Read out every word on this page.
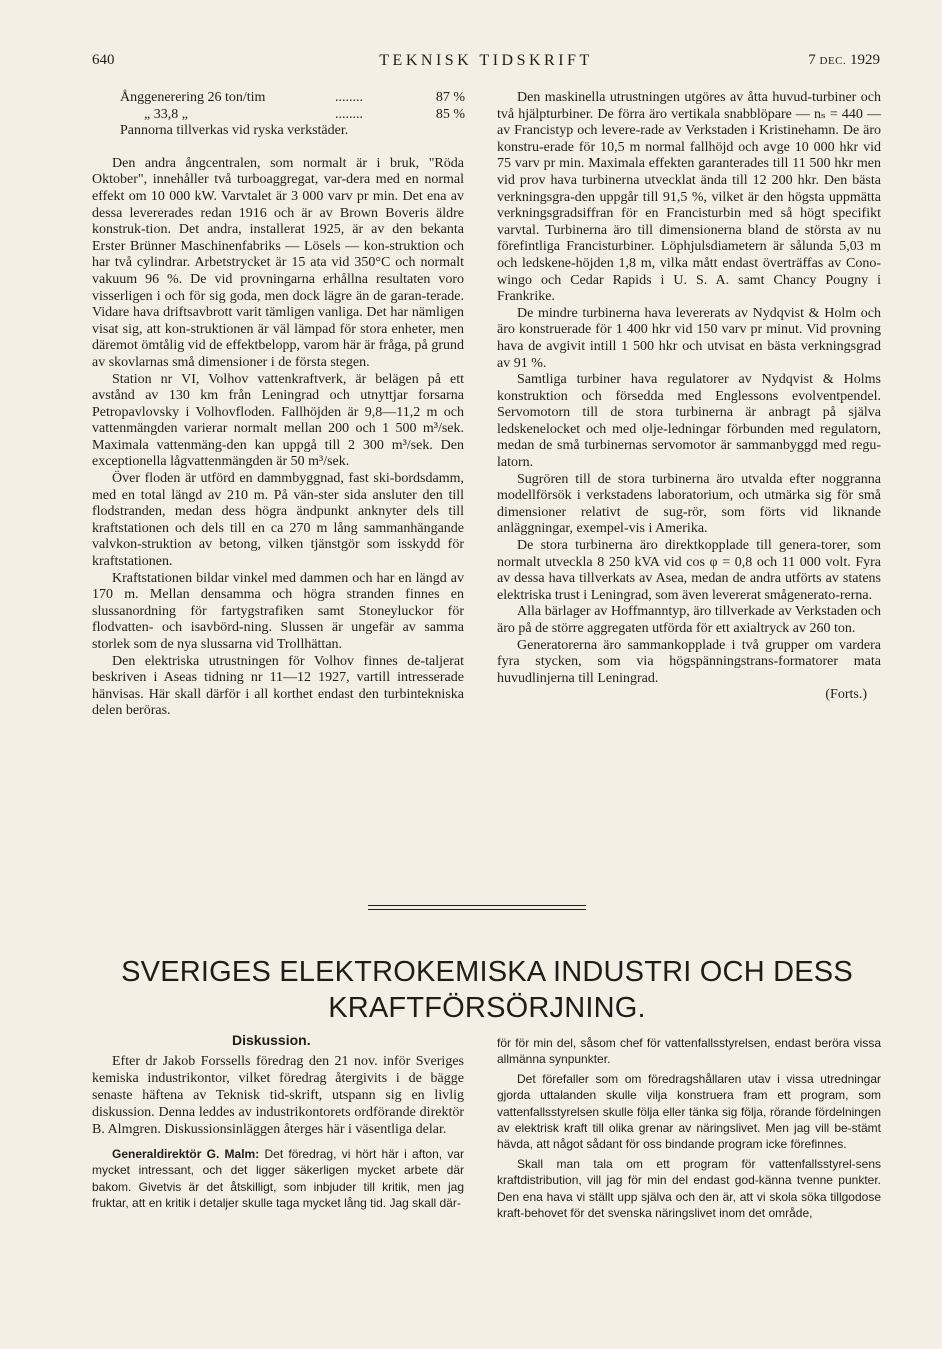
640	TEKNISK TIDSKRIFT	7 DEC. 1929
Ånggenerering 26 ton/tim	........	87 %
„ 33,8 „	........	85 %

Pannorna tillverkas vid ryska verkstäder.

Den andra ångcentralen, som normalt är i bruk, "Röda Oktober", innehåller två turboaggregat, var-dera med en normal effekt om 10 000 kW. Varvtalet är 3 000 varv pr min. Det ena av dessa levererades redan 1916 och är av Brown Boveris äldre konstruk-tion. Det andra, installerat 1925, är av den bekanta Erster Brünner Maschinenfabriks — Lösels — kon-struktion och har två cylindrar. Arbetstrycket är 15 ata vid 350°C och normalt vakuum 96 %. De vid provningarna erhållna resultaten voro visserligen i och för sig goda, men dock lägre än de garan-terade. Vidare hava driftsavbrott varit tämligen vanliga. Det har nämligen visat sig, att kon-struktionen är väl lämpad för stora enheter, men däremot ömtålig vid de effektbelopp, varom här är fråga, på grund av skovlarnas små dimensioner i de första stegen.

Station nr VI, Volhov vattenkraftverk, är belägen på ett avstånd av 130 km från Leningrad och utnyttjar forsarna Petropavlovsky i Volhovfloden. Fallhöjden är 9,8—11,2 m och vattenmängden varierar normalt mellan 200 och 1 500 m³/sek. Maximala vattenmäng-den kan uppgå till 2 300 m³/sek. Den exceptionella lågvattenmängden är 50 m³/sek.

Över floden är utförd en dammbyggnad, fast ski-bordsdamm, med en total längd av 210 m. På vän-ster sida ansluter den till flodstranden, medan dess högra ändpunkt anknyter dels till kraftstationen och dels till en ca 270 m lång sammanhängande valvkon-struktion av betong, vilken tjänstgör som isskydd för kraftstationen.

Kraftstationen bildar vinkel med dammen och har en längd av 170 m. Mellan densamma och högra stranden finnes en slussanordning för fartygstrafiken samt Stoneyluckor för flodvatten- och isavbörd-ning. Slussen är ungefär av samma storlek som de nya slussarna vid Trollhättan.

Den elektriska utrustningen för Volhov finnes de-taljerat beskriven i Aseas tidning nr 11—12 1927, vartill intresserade hänvisas. Här skall därför i all korthet endast den turbintekniska delen beröras.

Den maskinella utrustningen utgöres av åtta huvud-turbiner och två hjälpturbiner. De förra äro vertikala snabblöpare — nₛ = 440 — av Francistyp och levere-rade av Verkstaden i Kristinehamn. De äro konstru-erade för 10,5 m normal fallhöjd och avge 10 000 hkr vid 75 varv pr min. Maximala effekten garanterades till 11 500 hkr men vid prov hava turbinerna utvecklat ända till 12 200 hkr. Den bästa verkningsgra-den uppgår till 91,5 %, vilket är den högsta uppmätta verkningsgradsiffran för en Francisturbin med så högt specifikt varvtal. Turbinerna äro till dimensionerna bland de största av nu förefintliga Francisturbiner. Löphjulsdiametern är sålunda 5,03 m och ledskene-höjden 1,8 m, vilka mått endast överträffas av Cono-wingo och Cedar Rapids i U. S. A. samt Chancy Pougny i Frankrike.

De mindre turbinerna hava levererats av Nydqvist & Holm och äro konstruerade för 1 400 hkr vid 150 varv pr minut. Vid provning hava de avgivit intill 1 500 hkr och utvisat en bästa verkningsgrad av 91 %.

Samtliga turbiner hava regulatorer av Nydqvist & Holms konstruktion och försedda med Englessons evolventpendel. Servomotorn till de stora turbinerna är anbragt på själva ledskenelocket och med olje-ledningar förbunden med regulatorn, medan de små turbinernas servomotor är sammanbyggd med regu-latorn.

Sugrören till de stora turbinerna äro utvalda efter noggranna modellförsök i verkstadens laboratorium, och utmärka sig för små dimensioner relativt de sug-rör, som förts vid liknande anläggningar, exempel-vis i Amerika.

De stora turbinerna äro direktkopplade till genera-torer, som normalt utveckla 8 250 kVA vid cos φ = 0,8 och 11 000 volt. Fyra av dessa hava tillverkats av Asea, medan de andra utförts av statens elektriska trust i Leningrad, som även levererat smågenerato-rerna.

Alla bärlager av Hoffmanntyp, äro tillverkade av Verkstaden och äro på de större aggregaten utförda för ett axialtryck av 260 ton.

Generatorerna äro sammankopplade i två grupper om vardera fyra stycken, som via högspänningstrans-formatorer mata huvudlinjerna till Leningrad.

(Forts.)

SVERIGES ELEKTROKEMISKA INDUSTRI OCH DESS
KRAFTFÖRSÖRJNING.
Diskussion.

Efter dr Jakob Forssells föredrag den 21 nov. inför Sveriges kemiska industrikontor, vilket föredrag återgivits i de bägge senaste häftena av Teknisk tid-skrift, utspann sig en livlig diskussion. Denna leddes av industrikontorets ordförande direktör B. Almgren. Diskussionsinläggen återges här i väsentliga delar.

Generaldirektör G. Malm: Det föredrag, vi hört här i afton, var mycket intressant, och det ligger säkerligen mycket arbete där bakom. Givetvis är det åtskilligt, som inbjuder till kritik, men jag fruktar, att en kritik i detaljer skulle taga mycket lång tid. Jag skall där-

för för min del, såsom chef för vattenfallsstyrelsen, endast beröra vissa allmänna synpunkter.

Det förefaller som om föredragshållaren utav i vissa utredningar gjorda uttalanden skulle vilja konstruera fram ett program, som vattenfallsstyrelsen skulle följa eller tänka sig följa, rörande fördelningen av elektrisk kraft till olika grenar av näringslivet. Men jag vill be-stämt hävda, att något sådant för oss bindande program icke förefinnes.

Skall man tala om ett program för vattenfallsstyrel-sens kraftdistribution, vill jag för min del endast god-känna tvenne punkter. Den ena hava vi ställt upp själva och den är, att vi skola söka tillgodose kraft-behovet för det svenska näringslivet inom det område,
